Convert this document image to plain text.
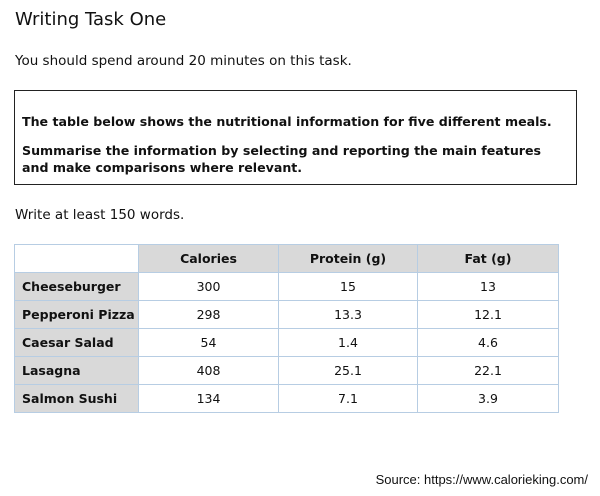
Writing Task One
You should spend around 20 minutes on this task.

The table below shows the nutritional information for five different meals.

Summarise the information by selecting and reporting the main features and make comparisons where relevant.

Write at least 150 words.
	Calories	Protein (g)	Fat (g)
Cheeseburger	300	15	13
Pepperoni Pizza	298	13.3	12.1
Caesar Salad	54	1.4	4.6
Lasagna	408	25.1	22.1
Salmon Sushi	134	7.1	3.9
Source: https://www.calorieking.com/
